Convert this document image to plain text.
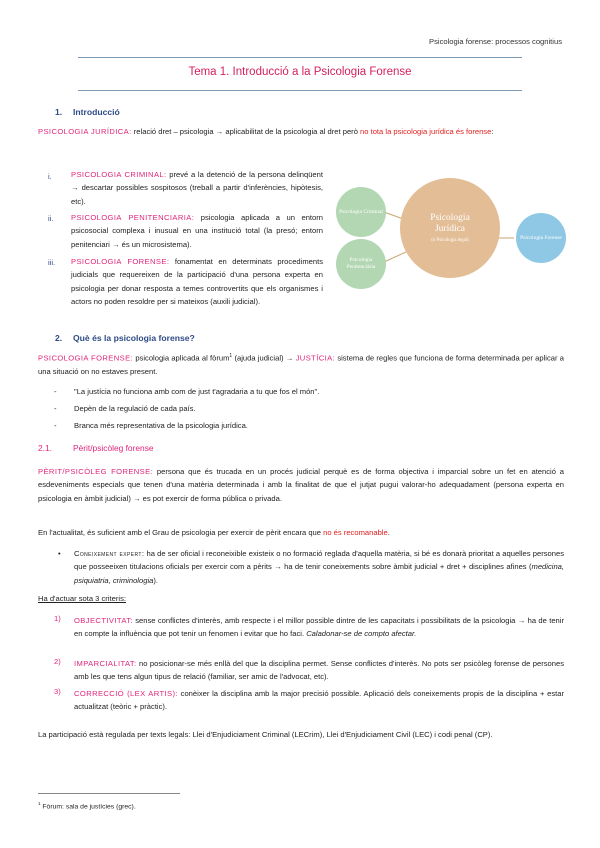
Psicologia forense: processos cognitius
Tema 1. Introducció a la Psicologia Forense
1. Introducció
PSICOLOGIA JURÍDICA: relació dret – psicologia → aplicabilitat de la psicologia al dret però no tota la psicologia jurídica és forense:
i.	PSICOLOGIA CRIMINAL: prevé a la detenció de la persona delinqüent → descartar possibles sospitosos (treball a partir d'inferències, hipòtesis, etc).
ii. PSICOLOGIA PENITENCIARIA: psicologia aplicada a un entorn psicosocial complexa i inusual en una institució total (la presó; entorn penitenciari → és un microsistema).
iii. PSICOLOGIA FORENSE: fonamentat en determinats procediments judicials que requereixen de la participació d'una persona experta en psicologia per donar resposta a temes controvertits que els organismes i actors no poden resoldre per si mateixos (auxili judicial).
Psicologia Criminal
Psicologia Penitenciària
Psicologia Jurídica
(o Psicologia legal)	Psicologia Forense
2. Què és la psicologia forense?
PSICOLOGIA FORENSE: psicologia aplicada al fòrum$^1$ (ajuda judicial) → JUSTÍCIA: sistema de regles que funciona de forma determinada per aplicar a una situació on no estaves present.
- "La justícia no funciona amb com de just t'agradaria a tu que fos el món".
- Depèn de la regulació de cada país.
- Branca més representativa de la psicologia jurídica.
2.1.	Pèrit/psicòleg forense
PÈRIT/PSICÒLEG FORENSE: persona que és trucada en un procés judicial perquè es de forma objectiva i imparcial sobre un fet en atenció a esdeveniments especials que tenen d'una matèria determinada i amb la finalitat de que el jutjat pugui valorar-ho adequadament (persona experta en psicologia en àmbit judicial) → es pot exercir de forma pública o privada.
En l'actualitat, és suficient amb el Grau de psicologia per exercir de pèrit encara que no és recomanable.
• Coneixement expert: ha de ser oficial i reconeixible existeix o no formació reglada d'aquella matèria, si bé es donarà prioritat a aquelles persones que posseeixen titulacions oficials per exercir com a pèrits → ha de tenir coneixements sobre àmbit judicial + dret + disciplines afines (medicina, psiquiatria, criminologia).
Ha d'actuar sota 3 criteris:
1) OBJECTIVITAT: sense conflictes d'interès, amb respecte i el millor possible dintre de les capacitats i possibilitats de la psicologia → ha de tenir en compte la influència que pot tenir un fenomen i evitar que ho faci. Caladonar-se de compto afectar.
2) IMPARCIALITAT: no posicionar-se més enllà del que la disciplina permet. Sense conflictes d'interès. No pots ser psicòleg forense de persones amb les que tens algun tipus de relació (familiar, ser amic de l'advocat, etc).
3) CORRECCIÓ (LEX ARTIS): conèixer la disciplina amb la major precisió possible. Aplicació dels coneixements propis de la disciplina + estar actualitzat (teòric + pràctic).
La participació està regulada per texts legals: Llei d'Enjudiciament Criminal (LECrim), Llei d'Enjudiciament Civil (LEC) i codi penal (CP).
$^1$ Fòrum: sala de justícies (grec).
